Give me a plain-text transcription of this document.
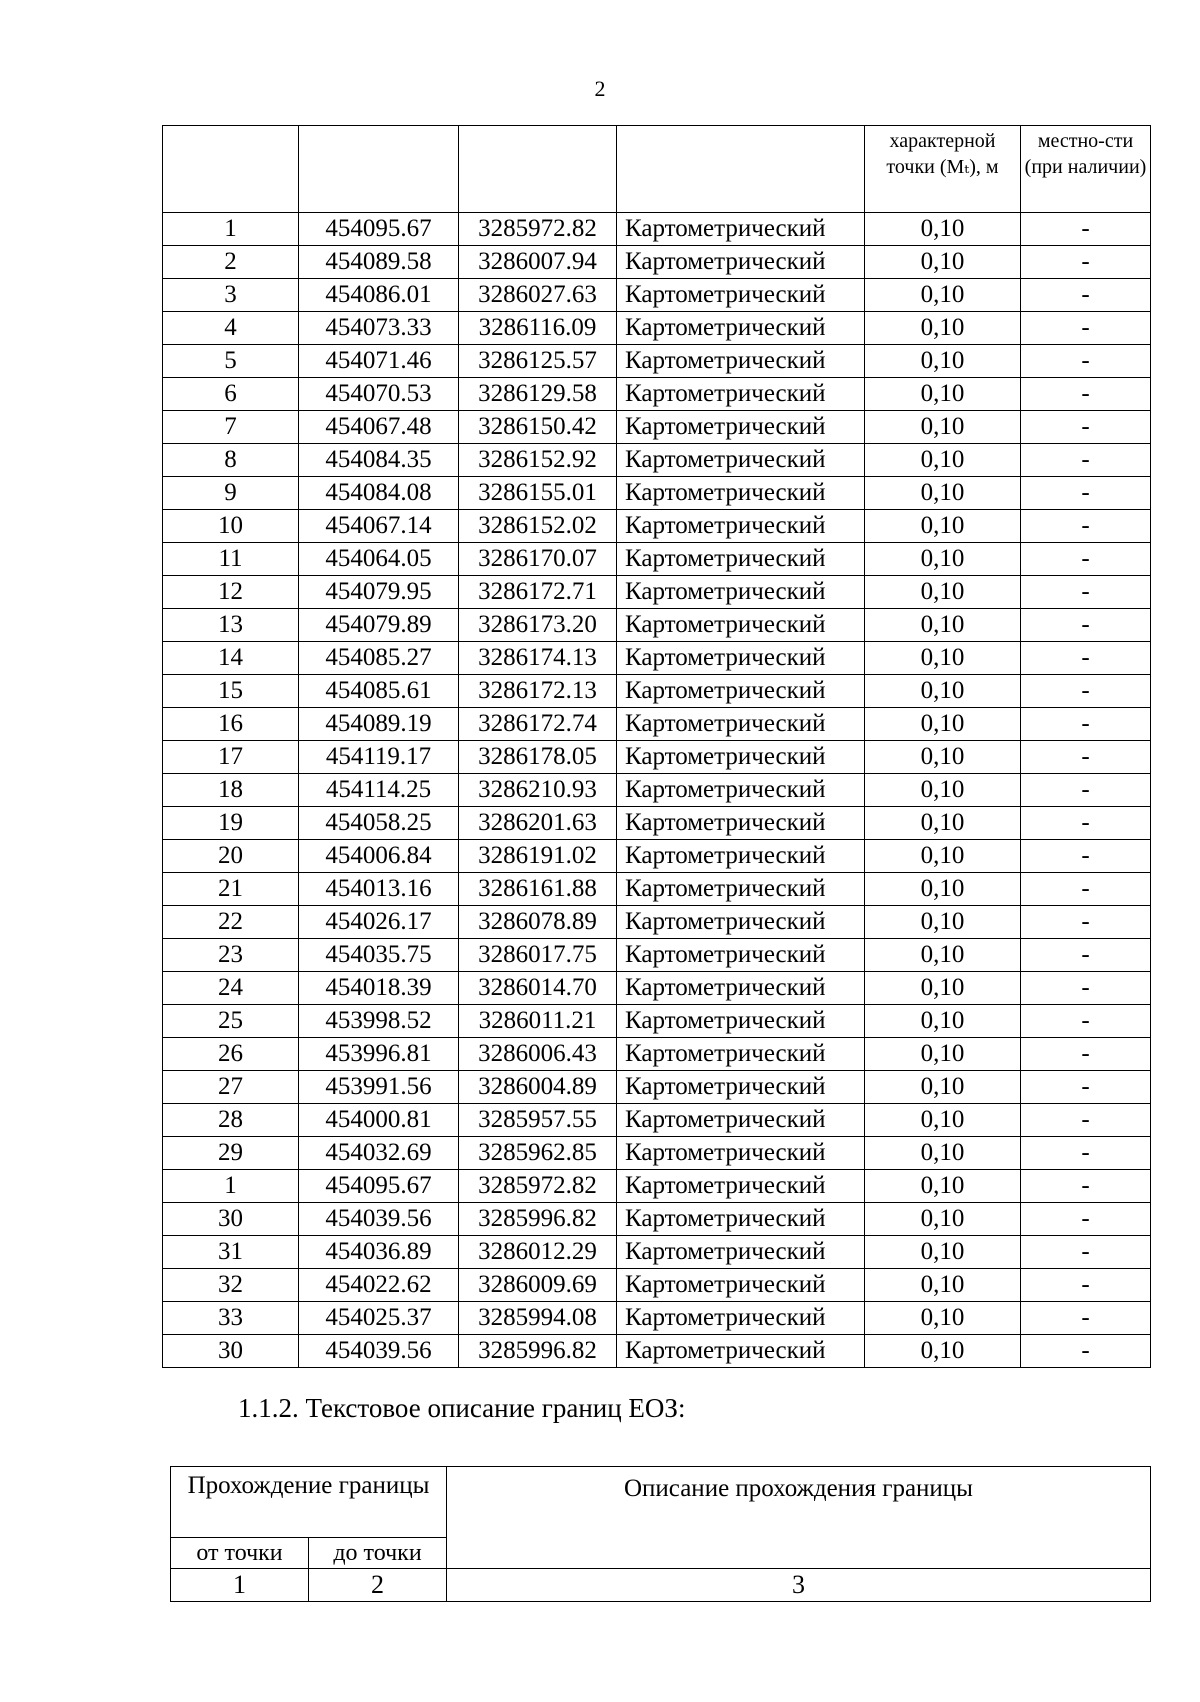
2
				характерной точки (Mₜ), м	местно-сти (при наличии)
1	454095.67	3285972.82	Картометрический	0,10	-
2	454089.58	3286007.94	Картометрический	0,10	-
3	454086.01	3286027.63	Картометрический	0,10	-
4	454073.33	3286116.09	Картометрический	0,10	-
5	454071.46	3286125.57	Картометрический	0,10	-
6	454070.53	3286129.58	Картометрический	0,10	-
7	454067.48	3286150.42	Картометрический	0,10	-
8	454084.35	3286152.92	Картометрический	0,10	-
9	454084.08	3286155.01	Картометрический	0,10	-
10	454067.14	3286152.02	Картометрический	0,10	-
11	454064.05	3286170.07	Картометрический	0,10	-
12	454079.95	3286172.71	Картометрический	0,10	-
13	454079.89	3286173.20	Картометрический	0,10	-
14	454085.27	3286174.13	Картометрический	0,10	-
15	454085.61	3286172.13	Картометрический	0,10	-
16	454089.19	3286172.74	Картометрический	0,10	-
17	454119.17	3286178.05	Картометрический	0,10	-
18	454114.25	3286210.93	Картометрический	0,10	-
19	454058.25	3286201.63	Картометрический	0,10	-
20	454006.84	3286191.02	Картометрический	0,10	-
21	454013.16	3286161.88	Картометрический	0,10	-
22	454026.17	3286078.89	Картометрический	0,10	-
23	454035.75	3286017.75	Картометрический	0,10	-
24	454018.39	3286014.70	Картометрический	0,10	-
25	453998.52	3286011.21	Картометрический	0,10	-
26	453996.81	3286006.43	Картометрический	0,10	-
27	453991.56	3286004.89	Картометрический	0,10	-
28	454000.81	3285957.55	Картометрический	0,10	-
29	454032.69	3285962.85	Картометрический	0,10	-
1	454095.67	3285972.82	Картометрический	0,10	-
30	454039.56	3285996.82	Картометрический	0,10	-
31	454036.89	3286012.29	Картометрический	0,10	-
32	454022.62	3286009.69	Картометрический	0,10	-
33	454025.37	3285994.08	Картометрический	0,10	-
30	454039.56	3285996.82	Картометрический	0,10	-
1.1.2. Текстовое описание границ ЕОЗ:
Прохождение границы		Описание прохождения границы
от точки	до точки	
1	2	3
